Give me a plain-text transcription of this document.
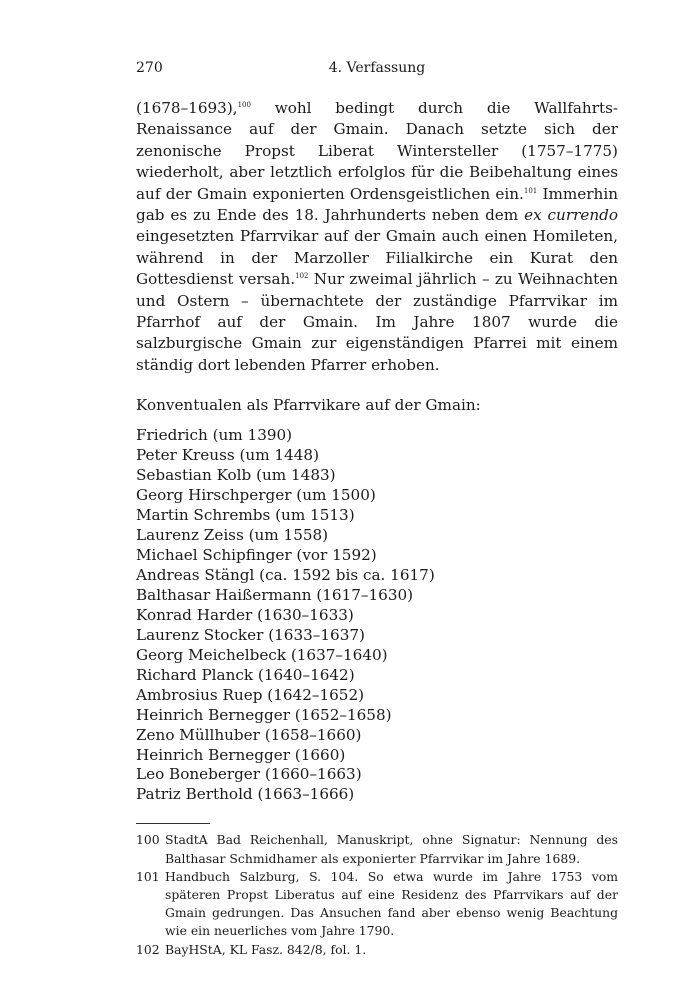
270	4. Verfassung

(1678–1693),$^{100}$ wohl bedingt durch die Wallfahrts-Renaissance auf der Gmain. Danach setzte sich der zenonische Propst Liberat Wintersteller (1757–1775) wiederholt, aber letztlich erfolglos für die Beibehaltung eines auf der Gmain exponierten Ordensgeistlichen ein.$^{101}$ Immerhin gab es zu Ende des 18. Jahrhunderts neben dem ex currendo eingesetzten Pfarrvikar auf der Gmain auch einen Homileten, während in der Marzoller Filialkirche ein Kurat den Gottesdienst versah.$^{102}$ Nur zweimal jährlich – zu Weihnachten und Ostern – übernachtete der zuständige Pfarrvikar im Pfarrhof auf der Gmain. Im Jahre 1807 wurde die salzburgische Gmain zur eigenständigen Pfarrei mit einem ständig dort lebenden Pfarrer erhoben.

Konventualen als Pfarrvikare auf der Gmain:
Friedrich (um 1390)
Peter Kreuss (um 1448)
Sebastian Kolb (um 1483)
Georg Hirschperger (um 1500)
Martin Schrembs (um 1513)
Laurenz Zeiss (um 1558)
Michael Schipfinger (vor 1592)
Andreas Stängl (ca. 1592 bis ca. 1617)
Balthasar Haißermann (1617–1630)
Konrad Harder (1630–1633)
Laurenz Stocker (1633–1637)
Georg Meichelbeck (1637–1640)
Richard Planck (1640–1642)
Ambrosius Ruep (1642–1652)
Heinrich Bernegger (1652–1658)
Zeno Müllhuber (1658–1660)
Heinrich Bernegger (1660)
Leo Boneberger (1660–1663)
Patriz Berthold (1663–1666)
100 StadtA Bad Reichenhall, Manuskript, ohne Signatur: Nennung des Balthasar Schmidhamer als exponierter Pfarrvikar im Jahre 1689.
101 Handbuch Salzburg, S. 104. So etwa wurde im Jahre 1753 vom späteren Propst Liberatus auf eine Residenz des Pfarrvikars auf der Gmain gedrungen. Das Ansuchen fand aber ebenso wenig Beachtung wie ein neuerliches vom Jahre 1790.
102 BayHStA, KL Fasz. 842/8, fol. 1.
